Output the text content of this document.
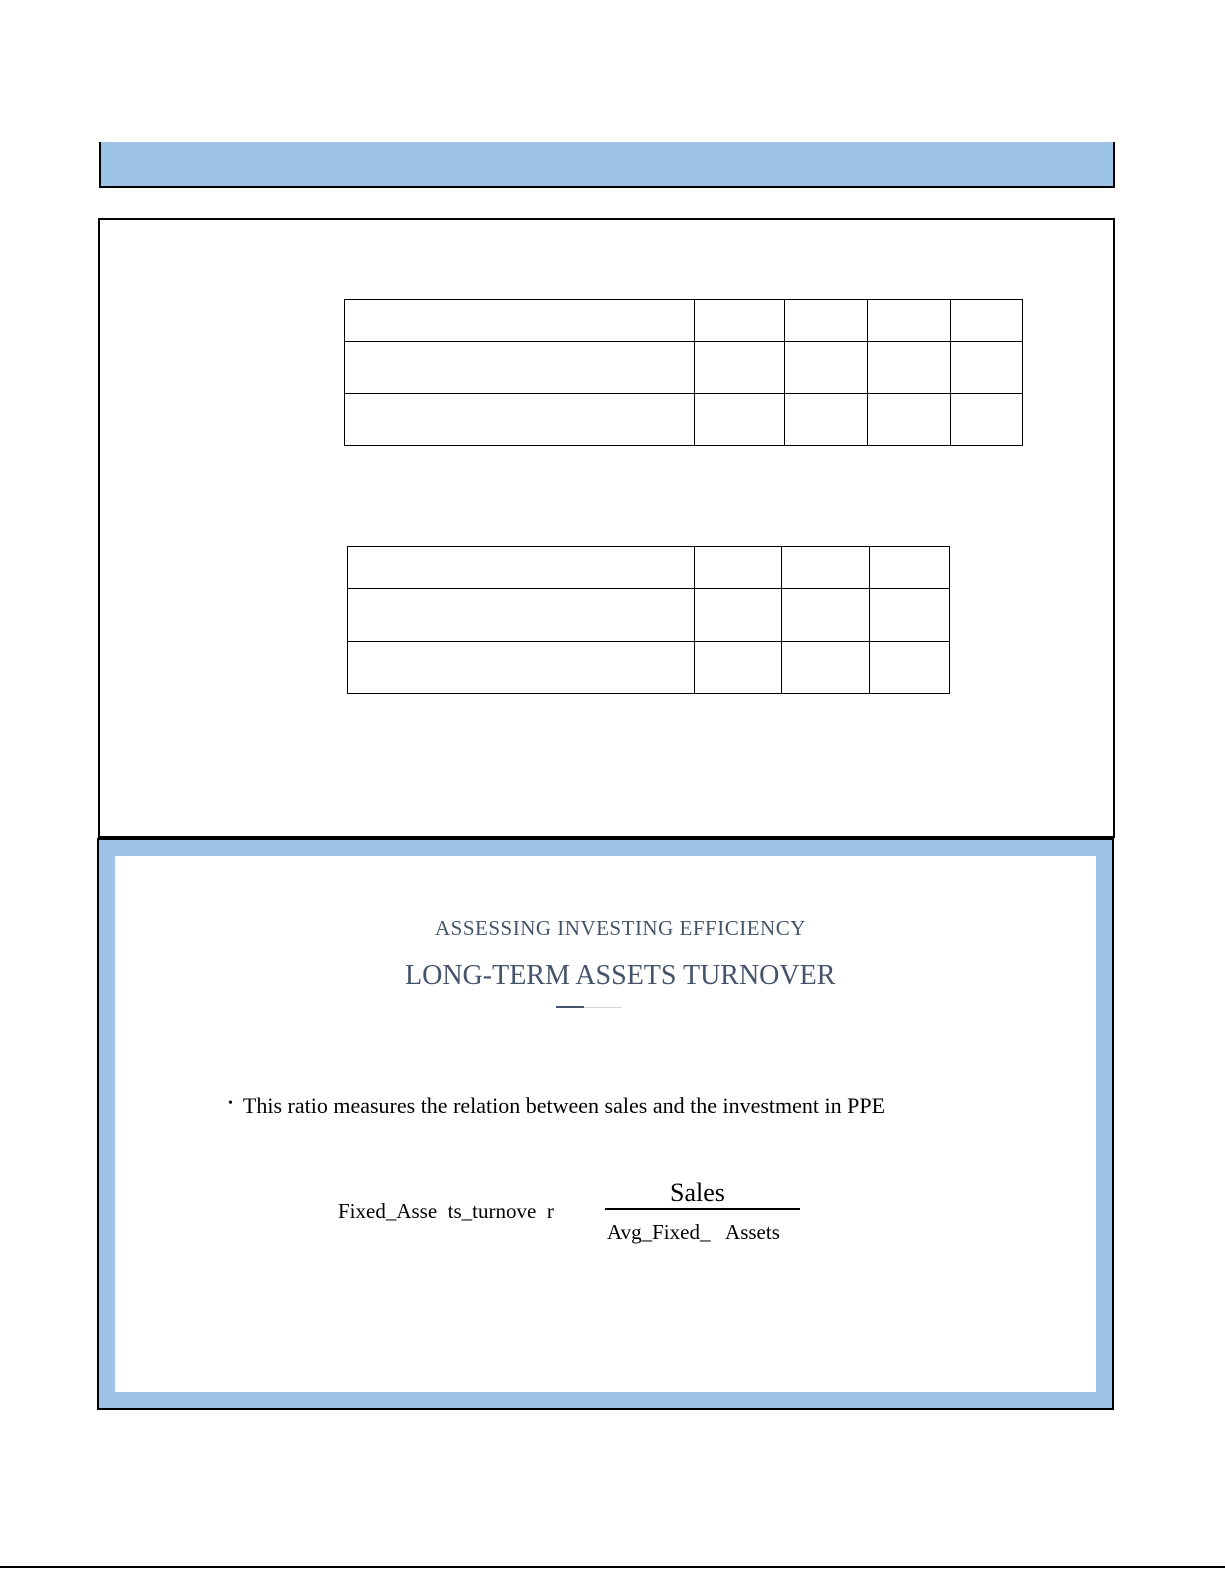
ASSESSING INVESTING EFFICIENCY
LONG-TERM ASSETS TURNOVER
• This ratio measures the relation between sales and the investment in PPE
Fixed_Asse  ts_turnove  r
Sales
Avg_Fixed_   Assets
